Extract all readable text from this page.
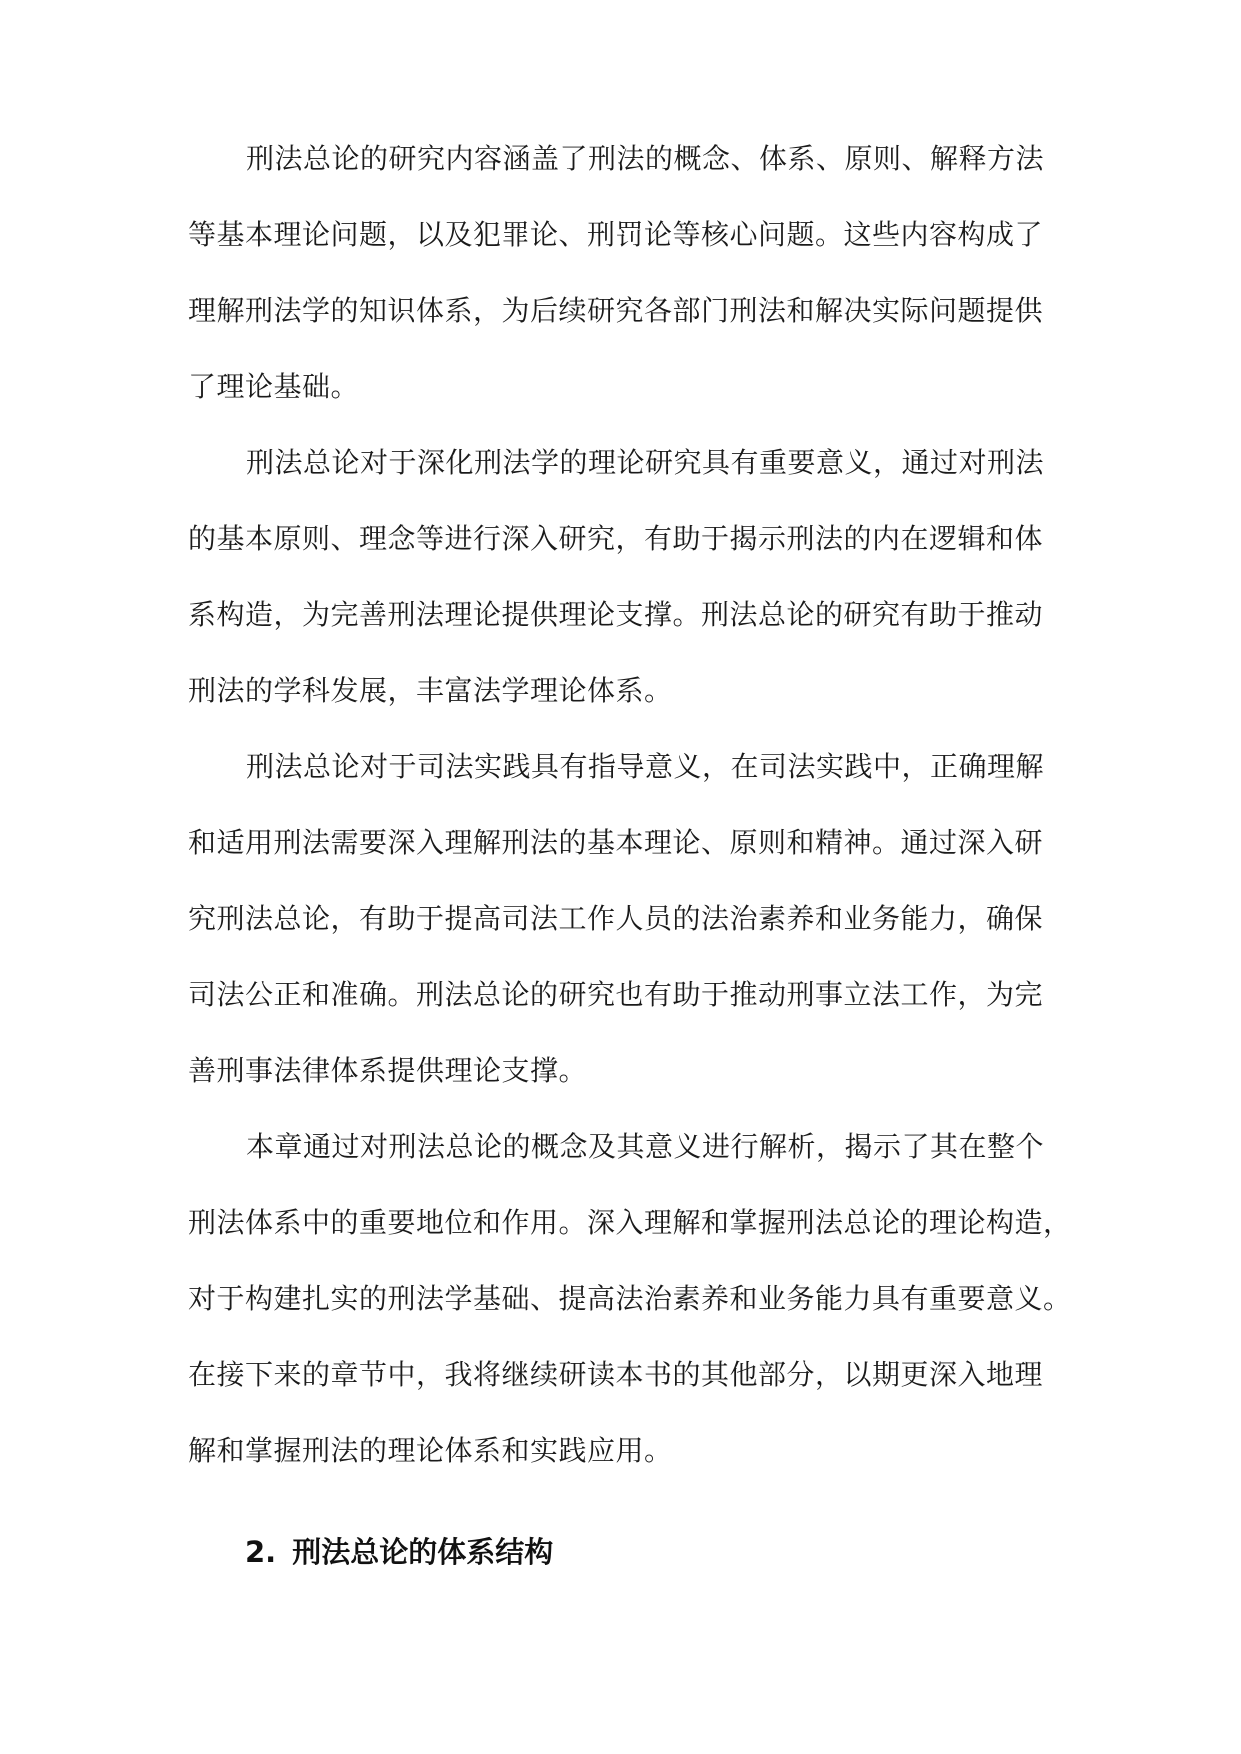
刑法总论的研究内容涵盖了刑法的概念、体系、原则、解释方法
等基本理论问题，以及犯罪论、刑罚论等核心问题。这些内容构成了
理解刑法学的知识体系，为后续研究各部门刑法和解决实际问题提供
了理论基础。
刑法总论对于深化刑法学的理论研究具有重要意义，通过对刑法
的基本原则、理念等进行深入研究，有助于揭示刑法的内在逻辑和体
系构造，为完善刑法理论提供理论支撑。刑法总论的研究有助于推动
刑法的学科发展，丰富法学理论体系。
刑法总论对于司法实践具有指导意义，在司法实践中，正确理解
和适用刑法需要深入理解刑法的基本理论、原则和精神。通过深入研
究刑法总论，有助于提高司法工作人员的法治素养和业务能力，确保
司法公正和准确。刑法总论的研究也有助于推动刑事立法工作，为完
善刑事法律体系提供理论支撑。
本章通过对刑法总论的概念及其意义进行解析，揭示了其在整个
刑法体系中的重要地位和作用。深入理解和掌握刑法总论的理论构造，
对于构建扎实的刑法学基础、提高法治素养和业务能力具有重要意义。
在接下来的章节中，我将继续研读本书的其他部分，以期更深入地理
解和掌握刑法的理论体系和实践应用。
2. 刑法总论的体系结构
